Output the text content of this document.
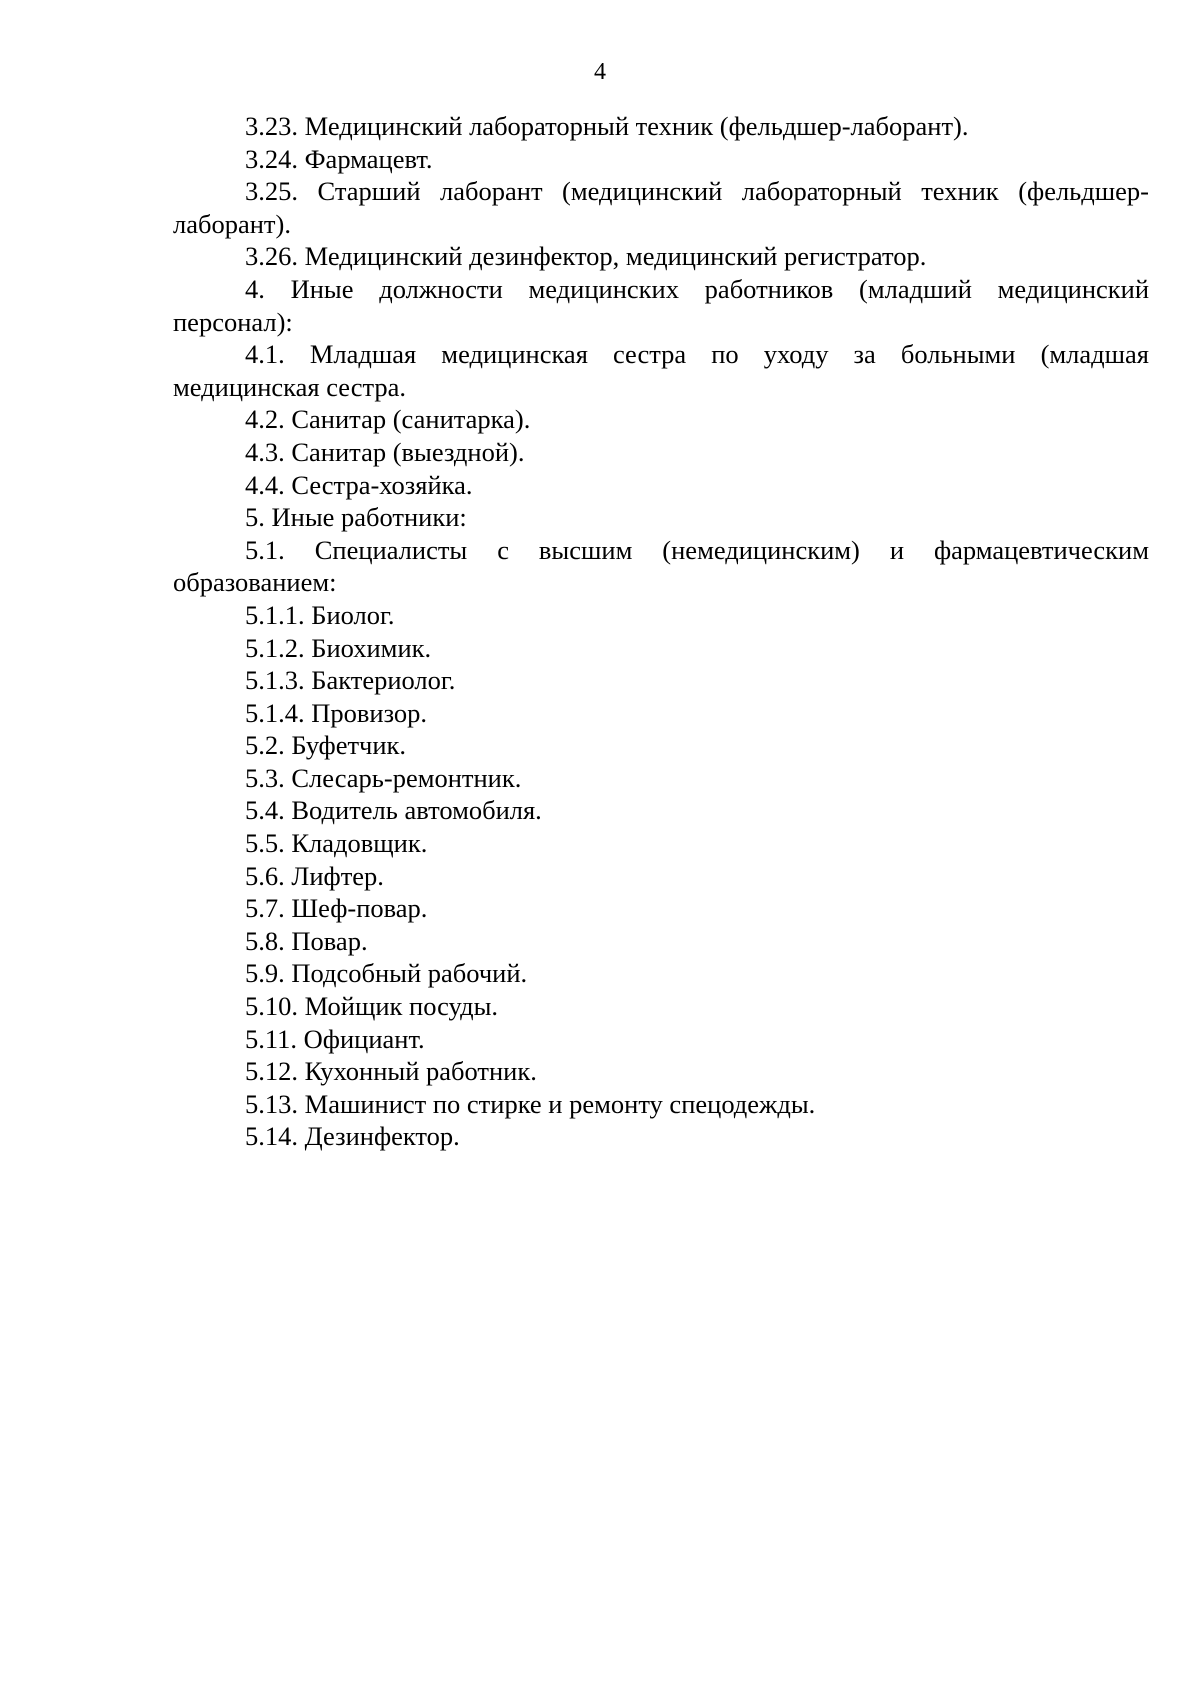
4

3.23. Медицинский лабораторный техник (фельдшер-лаборант).

3.24. Фармацевт.

3.25. Старший лаборант (медицинский лабораторный техник (фельдшер-лаборант).

3.26. Медицинский дезинфектор, медицинский регистратор.

4. Иные должности медицинских работников (младший медицинский персонал):

4.1. Младшая медицинская сестра по уходу за больными (младшая медицинская сестра.

4.2. Санитар (санитарка).

4.3. Санитар (выездной).

4.4. Сестра-хозяйка.

5. Иные работники:

5.1. Специалисты с высшим (немедицинским) и фармацевтическим образованием:

5.1.1. Биолог.

5.1.2. Биохимик.

5.1.3. Бактериолог.

5.1.4. Провизор.

5.2. Буфетчик.

5.3. Слесарь-ремонтник.

5.4. Водитель автомобиля.

5.5. Кладовщик.

5.6. Лифтер.

5.7. Шеф-повар.

5.8. Повар.

5.9. Подсобный рабочий.

5.10. Мойщик посуды.

5.11. Официант.

5.12. Кухонный работник.

5.13. Машинист по стирке и ремонту спецодежды.

5.14. Дезинфектор.
